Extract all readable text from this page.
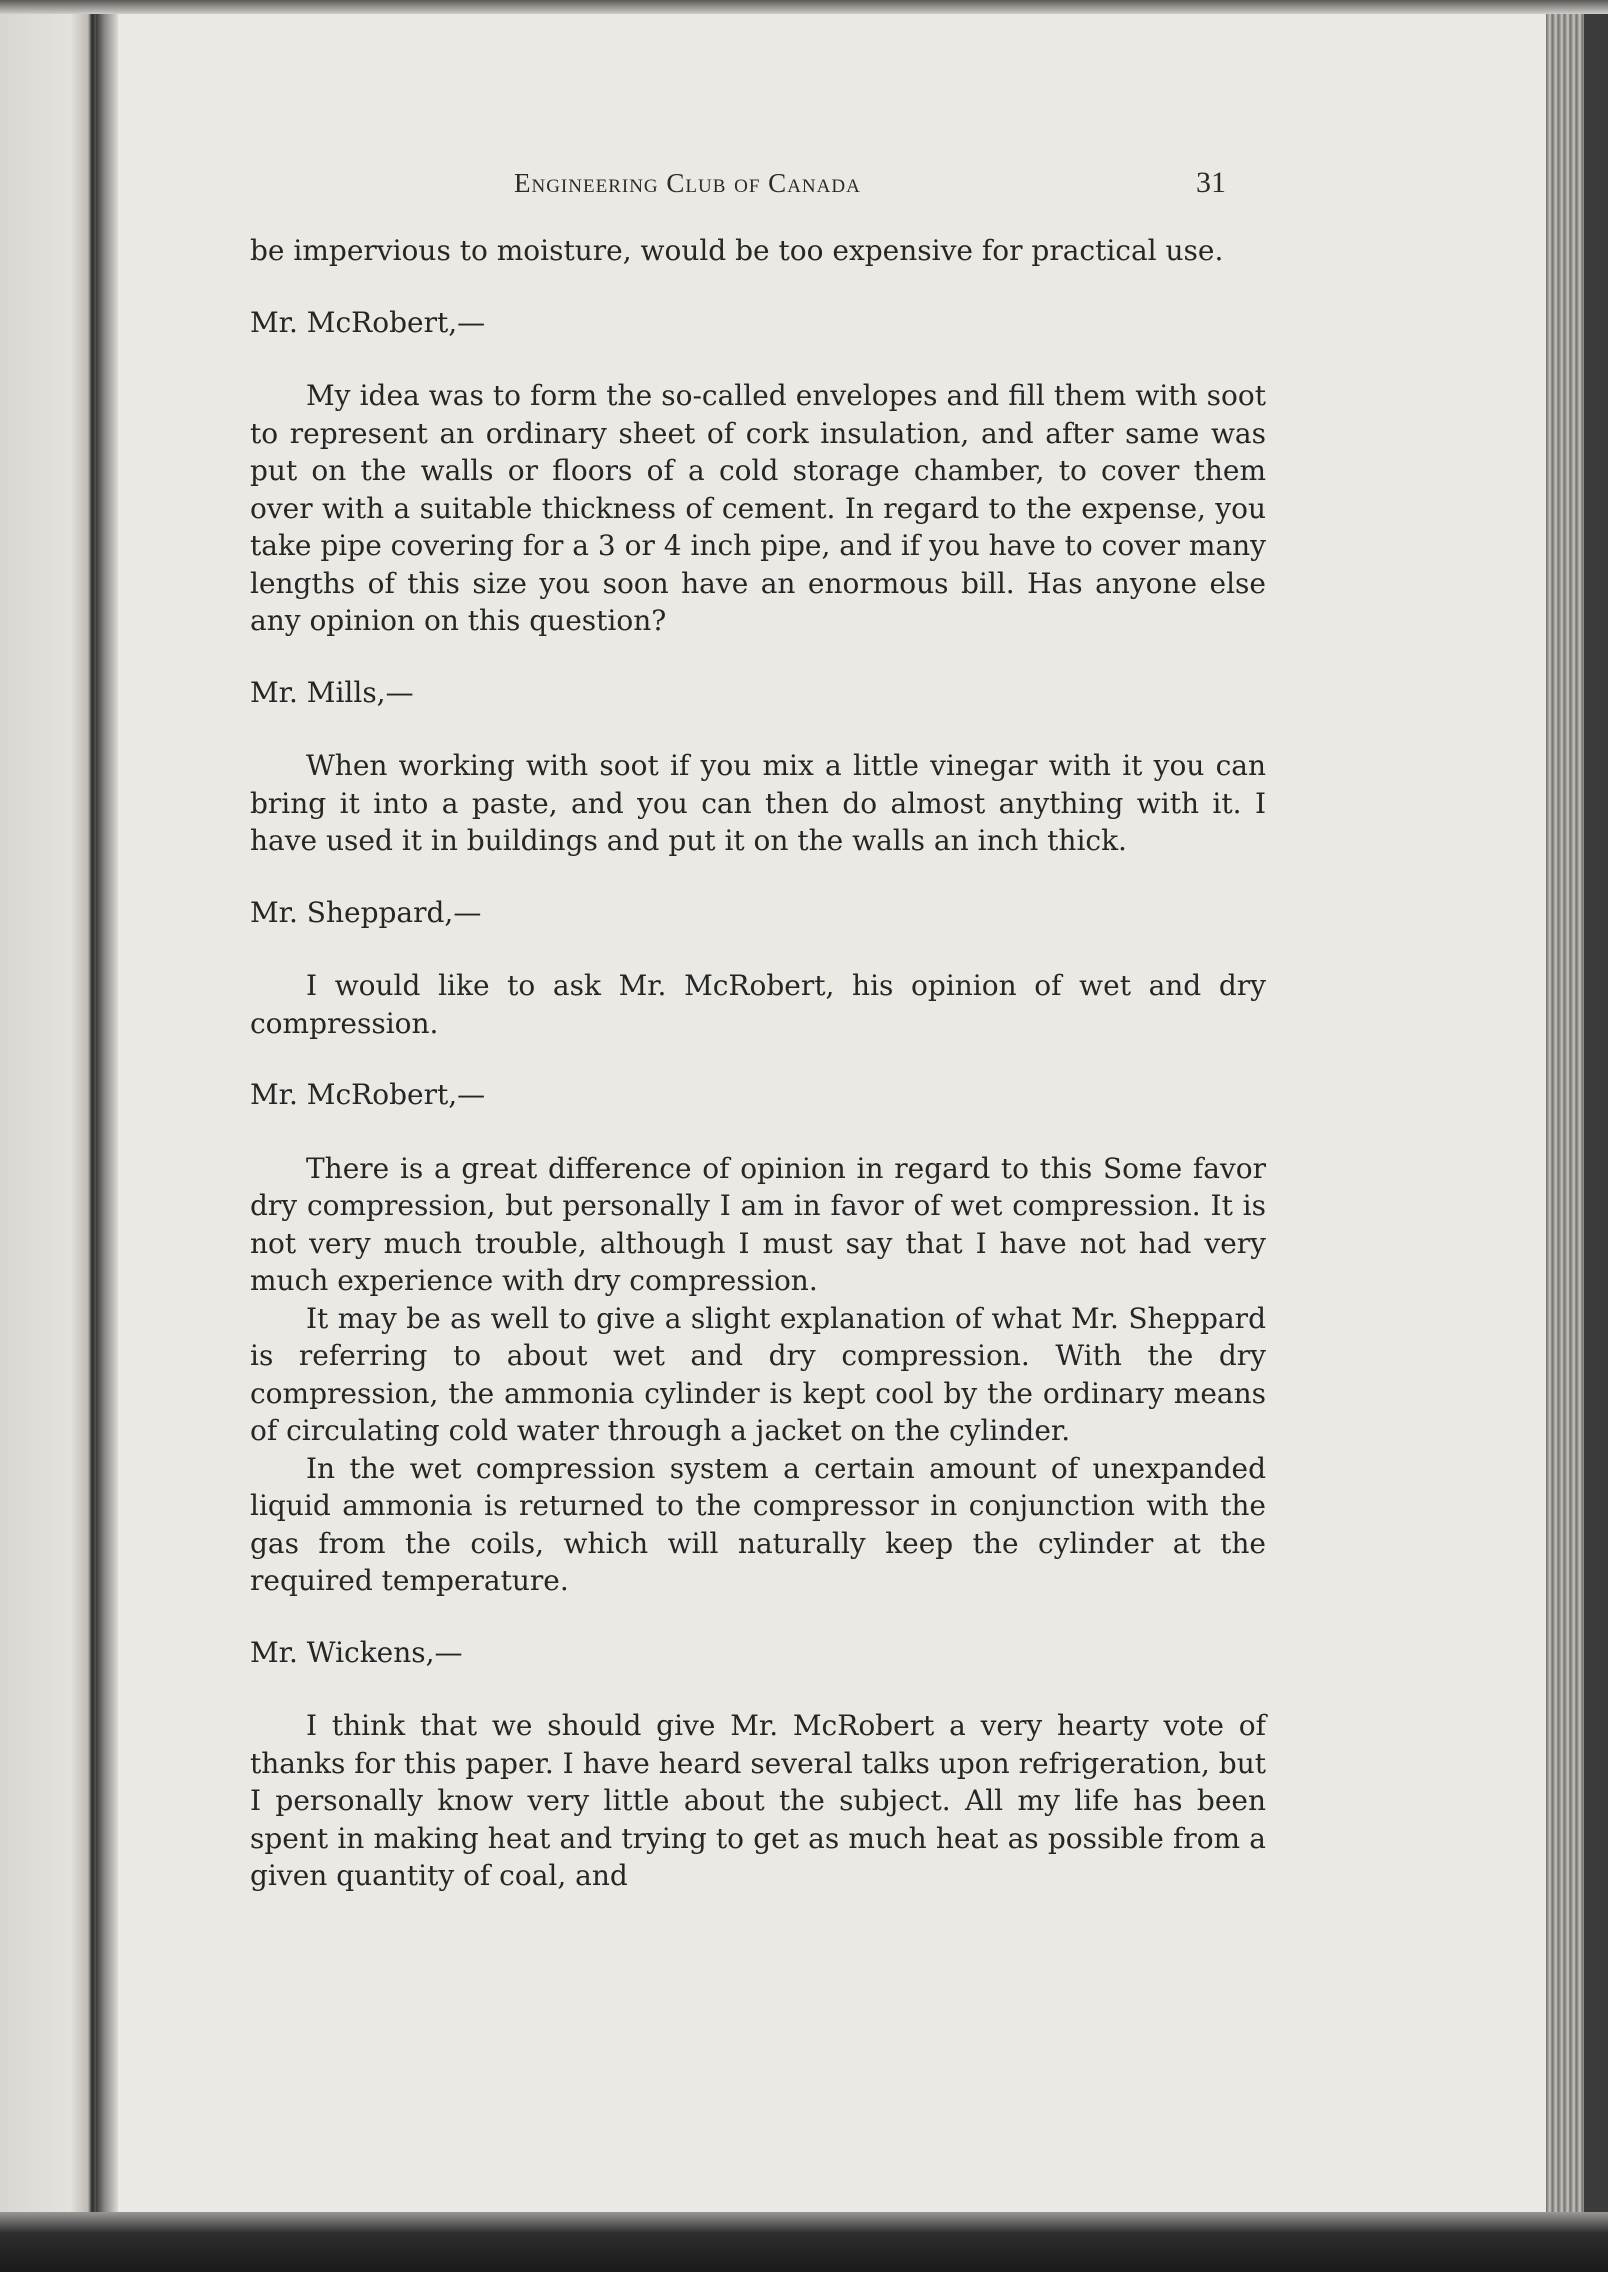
Engineering Club of Canada	31

be impervious to moisture, would be too expensive for practical use.

Mr. McRobert,—

My idea was to form the so-called envelopes and fill them with soot to represent an ordinary sheet of cork insulation, and after same was put on the walls or floors of a cold storage chamber, to cover them over with a suitable thickness of cement. In regard to the expense, you take pipe covering for a 3 or 4 inch pipe, and if you have to cover many lengths of this size you soon have an enormous bill. Has anyone else any opinion on this question?

Mr. Mills,—

When working with soot if you mix a little vinegar with it you can bring it into a paste, and you can then do almost anything with it. I have used it in buildings and put it on the walls an inch thick.

Mr. Sheppard,—

I would like to ask Mr. McRobert, his opinion of wet and dry compression.

Mr. McRobert,—

There is a great difference of opinion in regard to this Some favor dry compression, but personally I am in favor of wet compression. It is not very much trouble, although I must say that I have not had very much experience with dry compression.

It may be as well to give a slight explanation of what Mr. Sheppard is referring to about wet and dry compression. With the dry compression, the ammonia cylinder is kept cool by the ordinary means of circulating cold water through a jacket on the cylinder.

In the wet compression system a certain amount of unexpanded liquid ammonia is returned to the compressor in conjunction with the gas from the coils, which will naturally keep the cylinder at the required temperature.

Mr. Wickens,—

I think that we should give Mr. McRobert a very hearty vote of thanks for this paper. I have heard several talks upon refrigeration, but I personally know very little about the subject. All my life has been spent in making heat and trying to get as much heat as possible from a given quantity of coal, and
